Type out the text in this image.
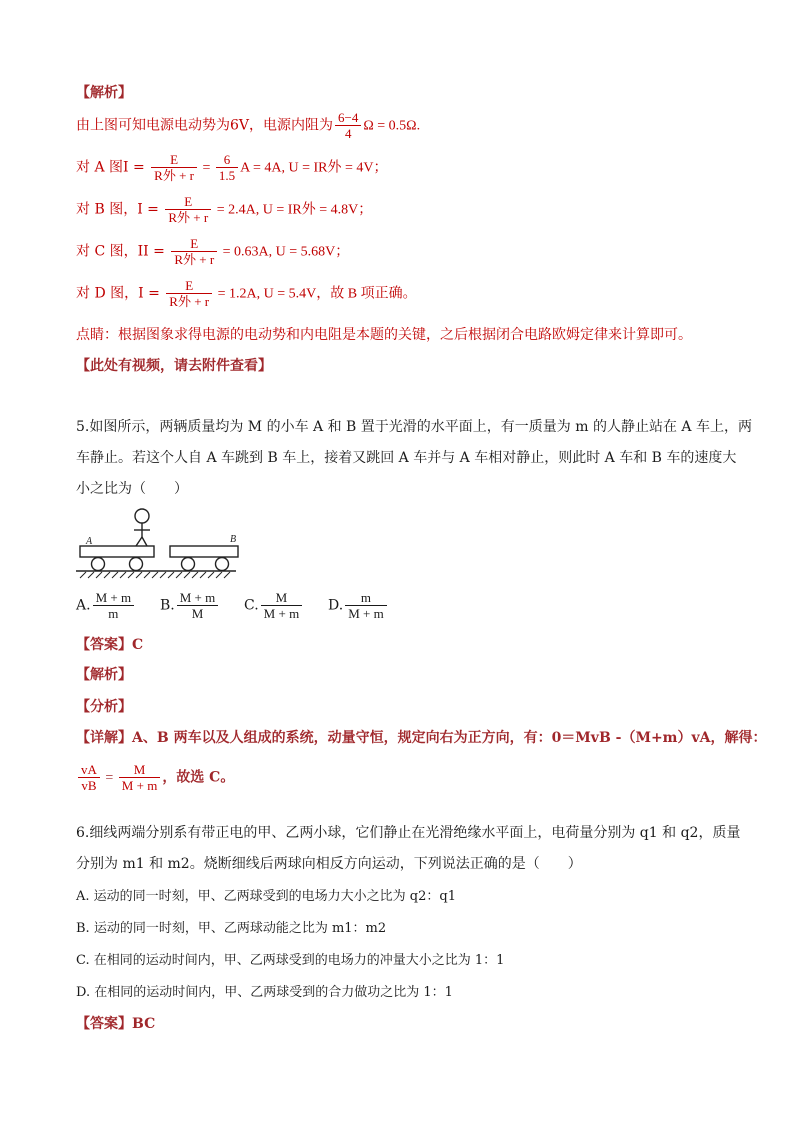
【解析】
由上图可知电源电动势为6V，电源内阻为 $\frac{6-4}{4}$ Ω = 0.5Ω.
对 A 图$I = \frac{E}{\text{R外 + r}} = \frac{6}{1.5}$ A = 4A, U = IR外 = 4V；
对 B 图，$I = \frac{E}{\text{R外 + r}} = 2.4A$, U = IR外 = 4.8V；
对 C 图，II = $\frac{E}{\text{R外 + r}} = 0.63A$, U = 5.68V；
对 D 图，$I = \frac{E}{\text{R外 + r}} = 1.2A$, U = 5.4V，故 B 项正确。
点睛：根据图象求得电源的电动势和内电阻是本题的关键，之后根据闭合电路欧姆定律来计算即可。
【此处有视频，请去附件查看】
5.如图所示，两辆质量均为 M 的小车 A 和 B 置于光滑的水平面上，有一质量为 m 的人静止站在 A 车上，两
车静止。若这个人自 A 车跳到 B 车上，接着又跳回 A 车并与 A 车相对静止，则此时 A 车和 B 车的速度大
小之比为（　　）
A	B
A. $\frac{M + m}{m} B$. $\frac{M + m}{M} C$. $\frac{M}{M + m} D$. $\frac{m}{M + m}$
【答案】C
【解析】
【分析】
【详解】A、B 两车以及人组成的系统，动量守恒，规定向右为正方向，有：0＝MvB -（M+m）vA，解得：
$\frac{vA}{vB} = \frac{M}{M + m}$ ，故选 C。
6.细线两端分别系有带正电的甲、乙两小球，它们静止在光滑绝缘水平面上，电荷量分别为 q1 和 q2，质量
分别为 m1 和 m2。烧断细线后两球向相反方向运动，下列说法正确的是（　　）
A. 运动的同一时刻，甲、乙两球受到的电场力大小之比为 q2：q1
B. 运动的同一时刻，甲、乙两球动能之比为 m1：m2
C. 在相同的运动时间内，甲、乙两球受到的电场力的冲量大小之比为 1：1
D. 在相同的运动时间内，甲、乙两球受到的合力做功之比为 1：1
【答案】BC
